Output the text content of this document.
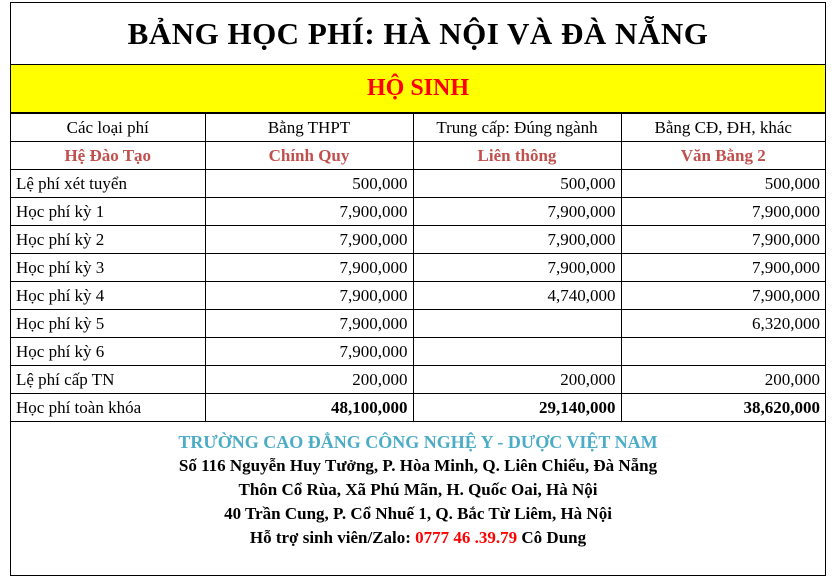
BẢNG HỌC PHÍ: HÀ NỘI VÀ ĐÀ NẴNG
HỘ SINH
Các loại phí	Bằng THPT	Trung cấp: Đúng ngành	Bằng CĐ, ĐH, khác
Hệ Đào Tạo	Chính Quy	Liên thông	Văn Bằng 2
Lệ phí xét tuyển	500,000	500,000	500,000
Học phí kỳ 1	7,900,000	7,900,000	7,900,000
Học phí kỳ 2	7,900,000	7,900,000	7,900,000
Học phí kỳ 3	7,900,000	7,900,000	7,900,000
Học phí kỳ 4	7,900,000	4,740,000	7,900,000
Học phí kỳ 5	7,900,000		6,320,000
Học phí kỳ 6	7,900,000		
Lệ phí cấp TN	200,000	200,000	200,000
Học phí toàn khóa	48,100,000	29,140,000	38,620,000
TRƯỜNG CAO ĐẲNG CÔNG NGHỆ Y - DƯỢC VIỆT NAM
Số 116 Nguyễn Huy Tưởng, P. Hòa Minh, Q. Liên Chiểu, Đà Nẵng
Thôn Cổ Rùa, Xã Phú Mãn, H. Quốc Oai, Hà Nội
40 Trần Cung, P. Cổ Nhuế 1, Q. Bắc Từ Liêm, Hà Nội
Hỗ trợ sinh viên/Zalo: 0777 46 .39.79 Cô Dung
